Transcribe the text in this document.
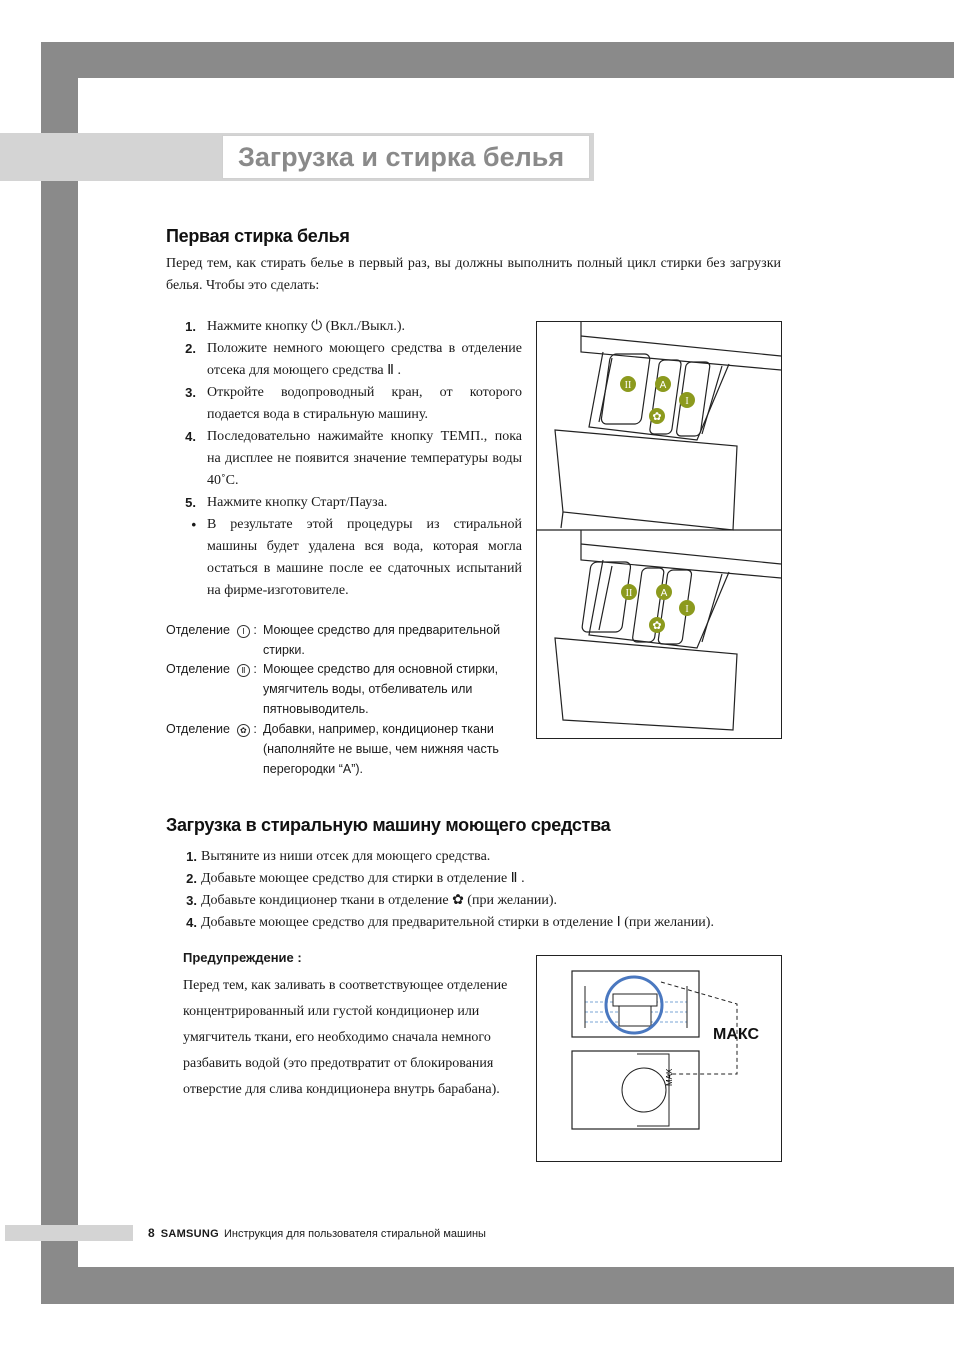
Загрузка и стирка белья
Первая стирка белья
Перед тем, как стирать белье в первый раз, вы должны выполнить полный цикл стирки без загрузки белья. Чтобы это сделать:
1. Нажмите кнопку ⏻ (Вкл./Выкл.).
2. Положите немного моющего средства в отделение отсека для моющего средства Ⅱ .
3. Откройте водопроводный кран, от которого подается вода в стиральную машину.
4. Последовательно нажимайте кнопку ТЕМП., пока на дисплее не появится значение температуры воды 40˚C.
5. Нажмите кнопку Старт/Пауза.
• В результате этой процедуры из стиральной машины будет удалена вся вода, которая могла остаться в машине после ее сдаточных испытаний на фирме-изготовителе.
Отделение Ⅰ : Моющее средство для предварительной стирки.
Отделение Ⅱ : Моющее средство для основной стирки, умягчитель воды, отбеливатель или пятновыводитель.
Отделение ✿ : Добавки, например, кондиционер ткани (наполняйте не выше, чем нижняя часть перегородки “A”).
II	A
I
✿
II	A
I
✿
Загрузка в стиральную машину моющего средства
1. Вытяните из ниши отсек для моющего средства.
2. Добавьте моющее средство для стирки в отделение Ⅱ .
3. Добавьте кондиционер ткани в отделение ✿ (при желании).
4. Добавьте моющее средство для предварительной стирки в отделение Ⅰ (при желании).
Предупреждение :
Перед тем, как заливать в соответствующее отделение концентрированный или густой кондиционер или умягчитель ткани, его необходимо сначала немного разбавить водой (это предотвратит от блокирования отверстие для слива кондиционера внутрь барабана).
MAX
МАКС
8 SAMSUNG Инструкция для пользователя стиральной машины
